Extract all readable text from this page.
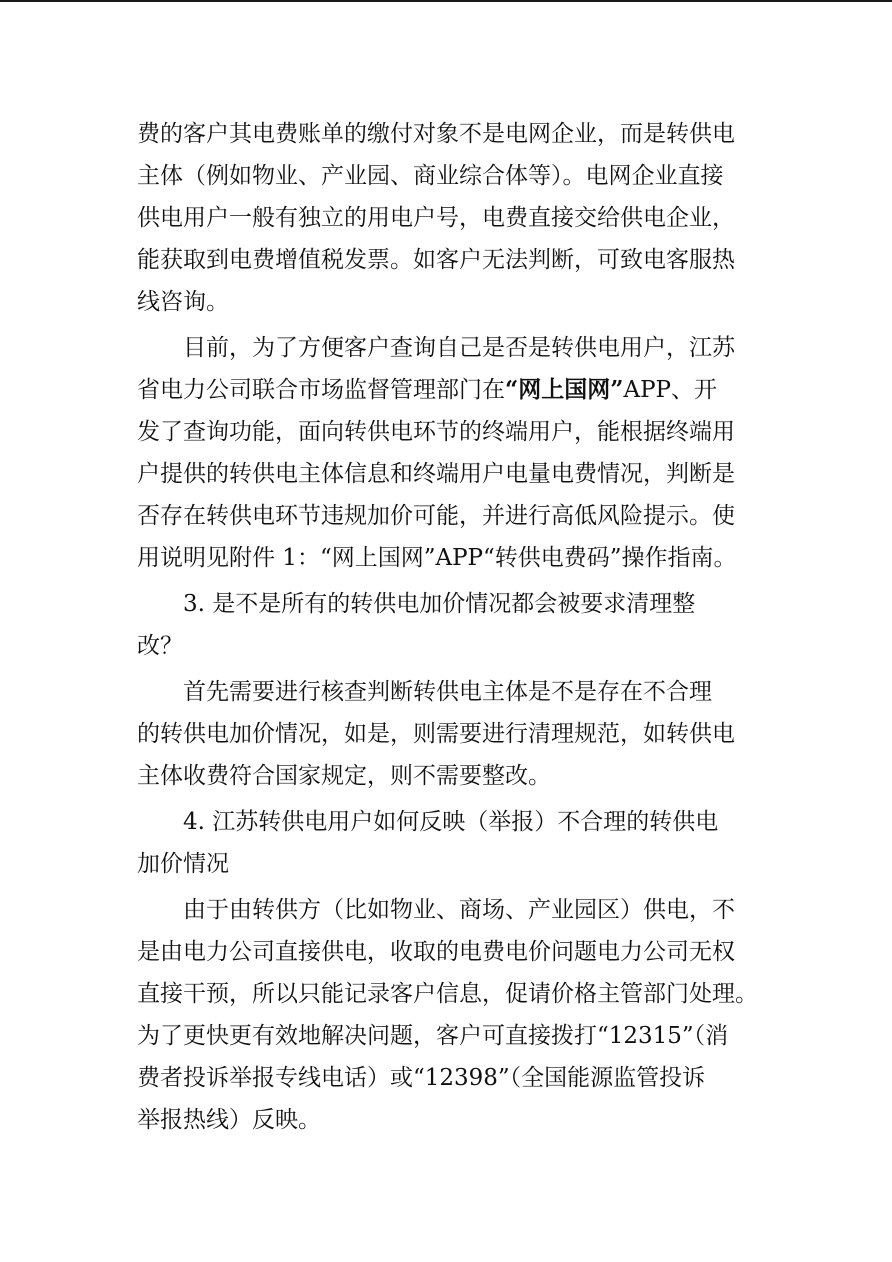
费的客户其电费账单的缴付对象不是电网企业，而是转供电
主体（例如物业、产业园、商业综合体等）。电网企业直接
供电用户一般有独立的用电户号，电费直接交给供电企业，
能获取到电费增值税发票。如客户无法判断，可致电客服热
线咨询。
目前，为了方便客户查询自己是否是转供电用户，江苏
省电力公司联合市场监督管理部门在“网上国网”APP、开
发了查询功能，面向转供电环节的终端用户，能根据终端用
户提供的转供电主体信息和终端用户电量电费情况，判断是
否存在转供电环节违规加价可能，并进行高低风险提示。使
用说明见附件 1：“网上国网”APP“转供电费码”操作指南。
3. 是不是所有的转供电加价情况都会被要求清理整
改？
首先需要进行核查判断转供电主体是不是存在不合理
的转供电加价情况，如是，则需要进行清理规范，如转供电
主体收费符合国家规定，则不需要整改。
4. 江苏转供电用户如何反映（举报）不合理的转供电
加价情况
由于由转供方（比如物业、商场、产业园区）供电，不
是由电力公司直接供电，收取的电费电价问题电力公司无权
直接干预，所以只能记录客户信息，促请价格主管部门处理。
为了更快更有效地解决问题，客户可直接拨打“12315”（消
费者投诉举报专线电话）或“12398”（全国能源监管投诉
举报热线）反映。
